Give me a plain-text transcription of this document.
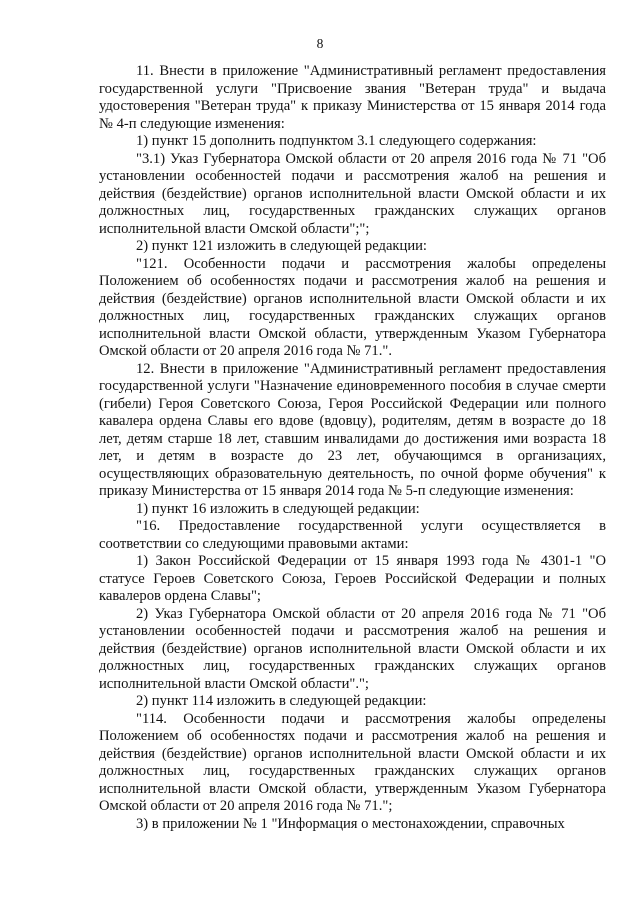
8

11. Внести в приложение "Административный регламент предоставления государственной услуги "Присвоение звания "Ветеран труда" и выдача удостоверения "Ветеран труда" к приказу Министерства от 15 января 2014 года № 4-п следующие изменения:

1) пункт 15 дополнить подпунктом 3.1 следующего содержания:

"3.1) Указ Губернатора Омской области от 20 апреля 2016 года № 71 "Об установлении особенностей подачи и рассмотрения жалоб на решения и действия (бездействие) органов исполнительной власти Омской области и их должностных лиц, государственных гражданских служащих органов исполнительной власти Омской области";";

2) пункт 121 изложить в следующей редакции:

"121. Особенности подачи и рассмотрения жалобы определены Положением об особенностях подачи и рассмотрения жалоб на решения и действия (бездействие) органов исполнительной власти Омской области и их должностных лиц, государственных гражданских служащих органов исполнительной власти Омской области, утвержденным Указом Губернатора Омской области от 20 апреля 2016 года № 71.".

12. Внести в приложение "Административный регламент предоставления государственной услуги "Назначение единовременного пособия в случае смерти (гибели) Героя Советского Союза, Героя Российской Федерации или полного кавалера ордена Славы его вдове (вдовцу), родителям, детям в возрасте до 18 лет, детям старше 18 лет, ставшим инвалидами до достижения ими возраста 18 лет, и детям в возрасте до 23 лет, обучающимся в организациях, осуществляющих образовательную деятельность, по очной форме обучения" к приказу Министерства от 15 января 2014 года № 5-п следующие изменения:

1) пункт 16 изложить в следующей редакции:

"16. Предоставление государственной услуги осуществляется в соответствии со следующими правовыми актами:

1) Закон Российской Федерации от 15 января 1993 года № 4301-1 "О статусе Героев Советского Союза, Героев Российской Федерации и полных кавалеров ордена Славы";

2) Указ Губернатора Омской области от 20 апреля 2016 года № 71 "Об установлении особенностей подачи и рассмотрения жалоб на решения и действия (бездействие) органов исполнительной власти Омской области и их должностных лиц, государственных гражданских служащих органов исполнительной власти Омской области".";

2) пункт 114 изложить в следующей редакции:

"114. Особенности подачи и рассмотрения жалобы определены Положением об особенностях подачи и рассмотрения жалоб на решения и действия (бездействие) органов исполнительной власти Омской области и их должностных лиц, государственных гражданских служащих органов исполнительной власти Омской области, утвержденным Указом Губернатора Омской области от 20 апреля 2016 года № 71.";

3) в приложении № 1 "Информация о местонахождении, справочных
